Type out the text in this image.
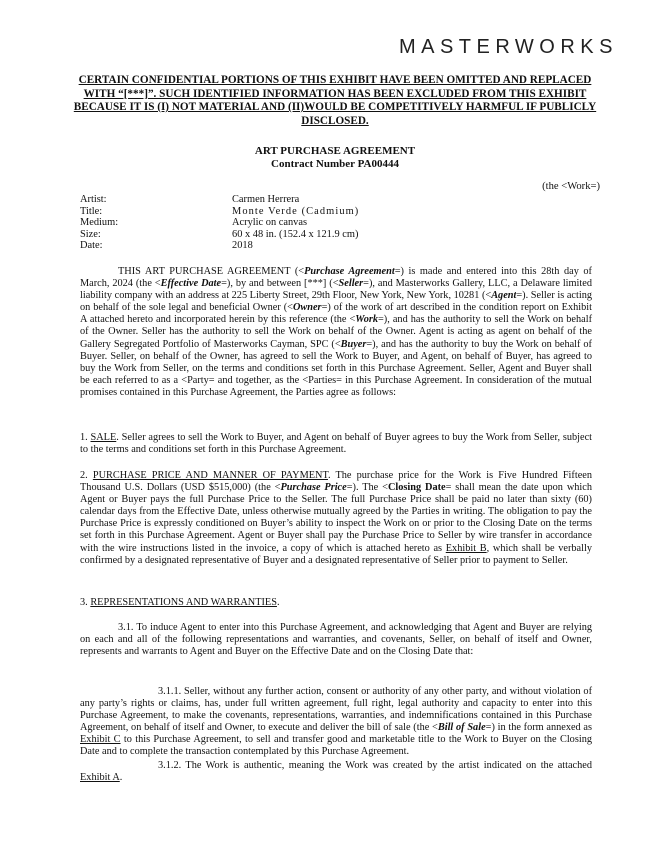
MASTERWORKS
CERTAIN CONFIDENTIAL PORTIONS OF THIS EXHIBIT HAVE BEEN OMITTED AND REPLACED WITH “[***]”. SUCH IDENTIFIED INFORMATION HAS BEEN EXCLUDED FROM THIS EXHIBIT BECAUSE IT IS (I) NOT MATERIAL AND (II)WOULD BE COMPETITIVELY HARMFUL IF PUBLICLY DISCLOSED.
ART PURCHASE AGREEMENT
Contract Number PA00444
(the <Work=)
Artist:	Carmen Herrera
Title:	Monte Verde (Cadmium)
Medium:	Acrylic on canvas
Size:	60 x 48 in. (152.4 x 121.9 cm)
Date:	2018
THIS ART PURCHASE AGREEMENT (<Purchase Agreement=) is made and entered into this 28th day of March, 2024 (the <Effective Date=), by and between [***] (<Seller=), and Masterworks Gallery, LLC, a Delaware limited liability company with an address at 225 Liberty Street, 29th Floor, New York, New York, 10281 (<Agent=). Seller is acting on behalf of the sole legal and beneficial Owner (<Owner=) of the work of art described in the condition report on Exhibit A attached hereto and incorporated herein by this reference (the <Work=), and has the authority to sell the Work on behalf of the Owner. Seller has the authority to sell the Work on behalf of the Owner. Agent is acting as agent on behalf of the Gallery Segregated Portfolio of Masterworks Cayman, SPC (<Buyer=), and has the authority to buy the Work on behalf of Buyer. Seller, on behalf of the Owner, has agreed to sell the Work to Buyer, and Agent, on behalf of Buyer, has agreed to buy the Work from Seller, on the terms and conditions set forth in this Purchase Agreement. Seller, Agent and Buyer shall be each referred to as a <Party= and together, as the <Parties= in this Purchase Agreement. In consideration of the mutual promises contained in this Purchase Agreement, the Parties agree as follows:
1. SALE. Seller agrees to sell the Work to Buyer, and Agent on behalf of Buyer agrees to buy the Work from Seller, subject to the terms and conditions set forth in this Purchase Agreement.
2. PURCHASE PRICE AND MANNER OF PAYMENT. The purchase price for the Work is Five Hundred Fifteen Thousand U.S. Dollars (USD $515,000) (the <Purchase Price=). The <Closing Date= shall mean the date upon which Agent or Buyer pays the full Purchase Price to the Seller. The full Purchase Price shall be paid no later than sixty (60) calendar days from the Effective Date, unless otherwise mutually agreed by the Parties in writing. The obligation to pay the Purchase Price is expressly conditioned on Buyer’s ability to inspect the Work on or prior to the Closing Date on the terms set forth in this Purchase Agreement. Agent or Buyer shall pay the Purchase Price to Seller by wire transfer in accordance with the wire instructions listed in the invoice, a copy of which is attached hereto as Exhibit B, which shall be verbally confirmed by a designated representative of Buyer and a designated representative of Seller prior to payment to Seller.
3. REPRESENTATIONS AND WARRANTIES.
3.1. To induce Agent to enter into this Purchase Agreement, and acknowledging that Agent and Buyer are relying on each and all of the following representations and warranties, and covenants, Seller, on behalf of itself and Owner, represents and warrants to Agent and Buyer on the Effective Date and on the Closing Date that:
3.1.1. Seller, without any further action, consent or authority of any other party, and without violation of any party’s rights or claims, has, under full written agreement, full right, legal authority and capacity to enter into this Purchase Agreement, to make the covenants, representations, warranties, and indemnifications contained in this Purchase Agreement, on behalf of itself and Owner, to execute and deliver the bill of sale (the <Bill of Sale=) in the form annexed as Exhibit C to this Purchase Agreement, to sell and transfer good and marketable title to the Work to Buyer on the Closing Date and to complete the transaction contemplated by this Purchase Agreement.
3.1.2. The Work is authentic, meaning the Work was created by the artist indicated on the attached Exhibit A.
